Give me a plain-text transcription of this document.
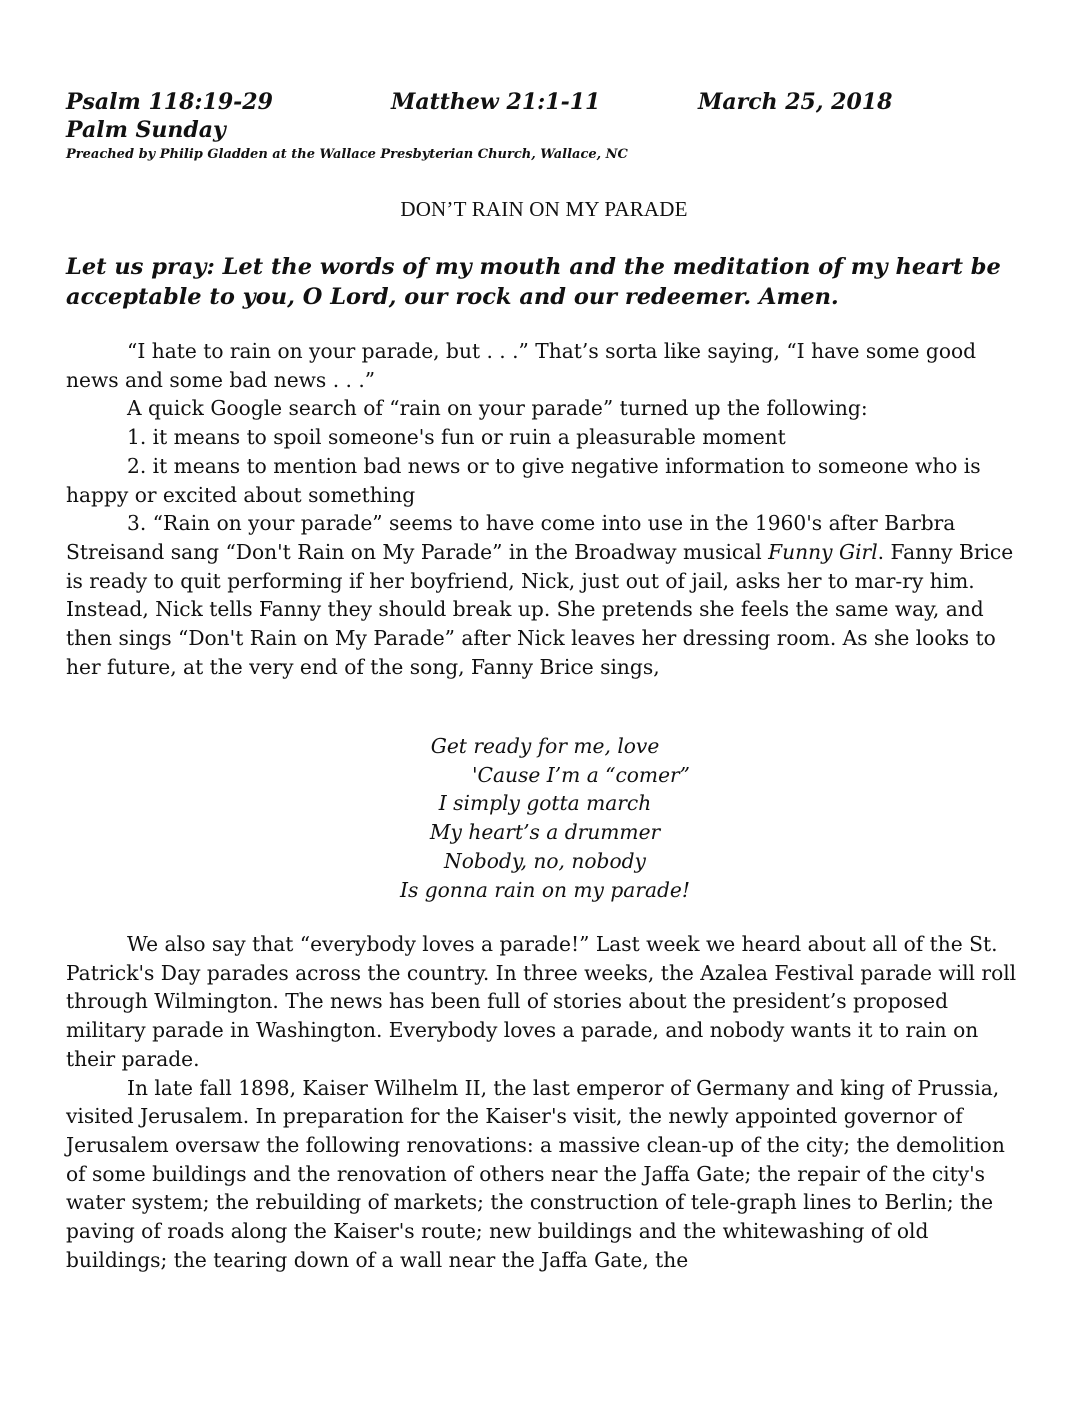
Psalm 118:19-29	Matthew 21:1-11	March 25, 2018
Palm Sunday
Preached by Philip Gladden at the Wallace Presbyterian Church, Wallace, NC
DON’T RAIN ON MY PARADE
Let us pray: Let the words of my mouth and the meditation of my heart be acceptable to you, O Lord, our rock and our redeemer. Amen.

“I hate to rain on your parade, but . . .” That’s sorta like saying, “I have some good news and some bad news . . .”

A quick Google search of “rain on your parade” turned up the following:

1. it means to spoil someone's fun or ruin a pleasurable moment

2. it means to mention bad news or to give negative information to someone who is happy or excited about something

3. “Rain on your parade” seems to have come into use in the 1960's after Barbra Streisand sang “Don't Rain on My Parade” in the Broadway musical Funny Girl. Fanny Brice is ready to quit performing if her boyfriend, Nick, just out of jail, asks her to mar-ry him. Instead, Nick tells Fanny they should break up. She pretends she feels the same way, and then sings “Don't Rain on My Parade” after Nick leaves her dressing room. As she looks to her future, at the very end of the song, Fanny Brice sings,

Get ready for me, love
'Cause I’m a “comer”
I simply gotta march
My heart’s a drummer
Nobody, no, nobody
Is gonna rain on my parade!

We also say that “everybody loves a parade!” Last week we heard about all of the St. Patrick's Day parades across the country. In three weeks, the Azalea Festival parade will roll through Wilmington. The news has been full of stories about the president’s proposed military parade in Washington. Everybody loves a parade, and nobody wants it to rain on their parade.

In late fall 1898, Kaiser Wilhelm II, the last emperor of Germany and king of Prussia, visited Jerusalem. In preparation for the Kaiser's visit, the newly appointed governor of Jerusalem oversaw the following renovations: a massive clean-up of the city; the demolition of some buildings and the renovation of others near the Jaffa Gate; the repair of the city's water system; the rebuilding of markets; the construction of tele-graph lines to Berlin; the paving of roads along the Kaiser's route; new buildings and the whitewashing of old buildings; the tearing down of a wall near the Jaffa Gate, the
